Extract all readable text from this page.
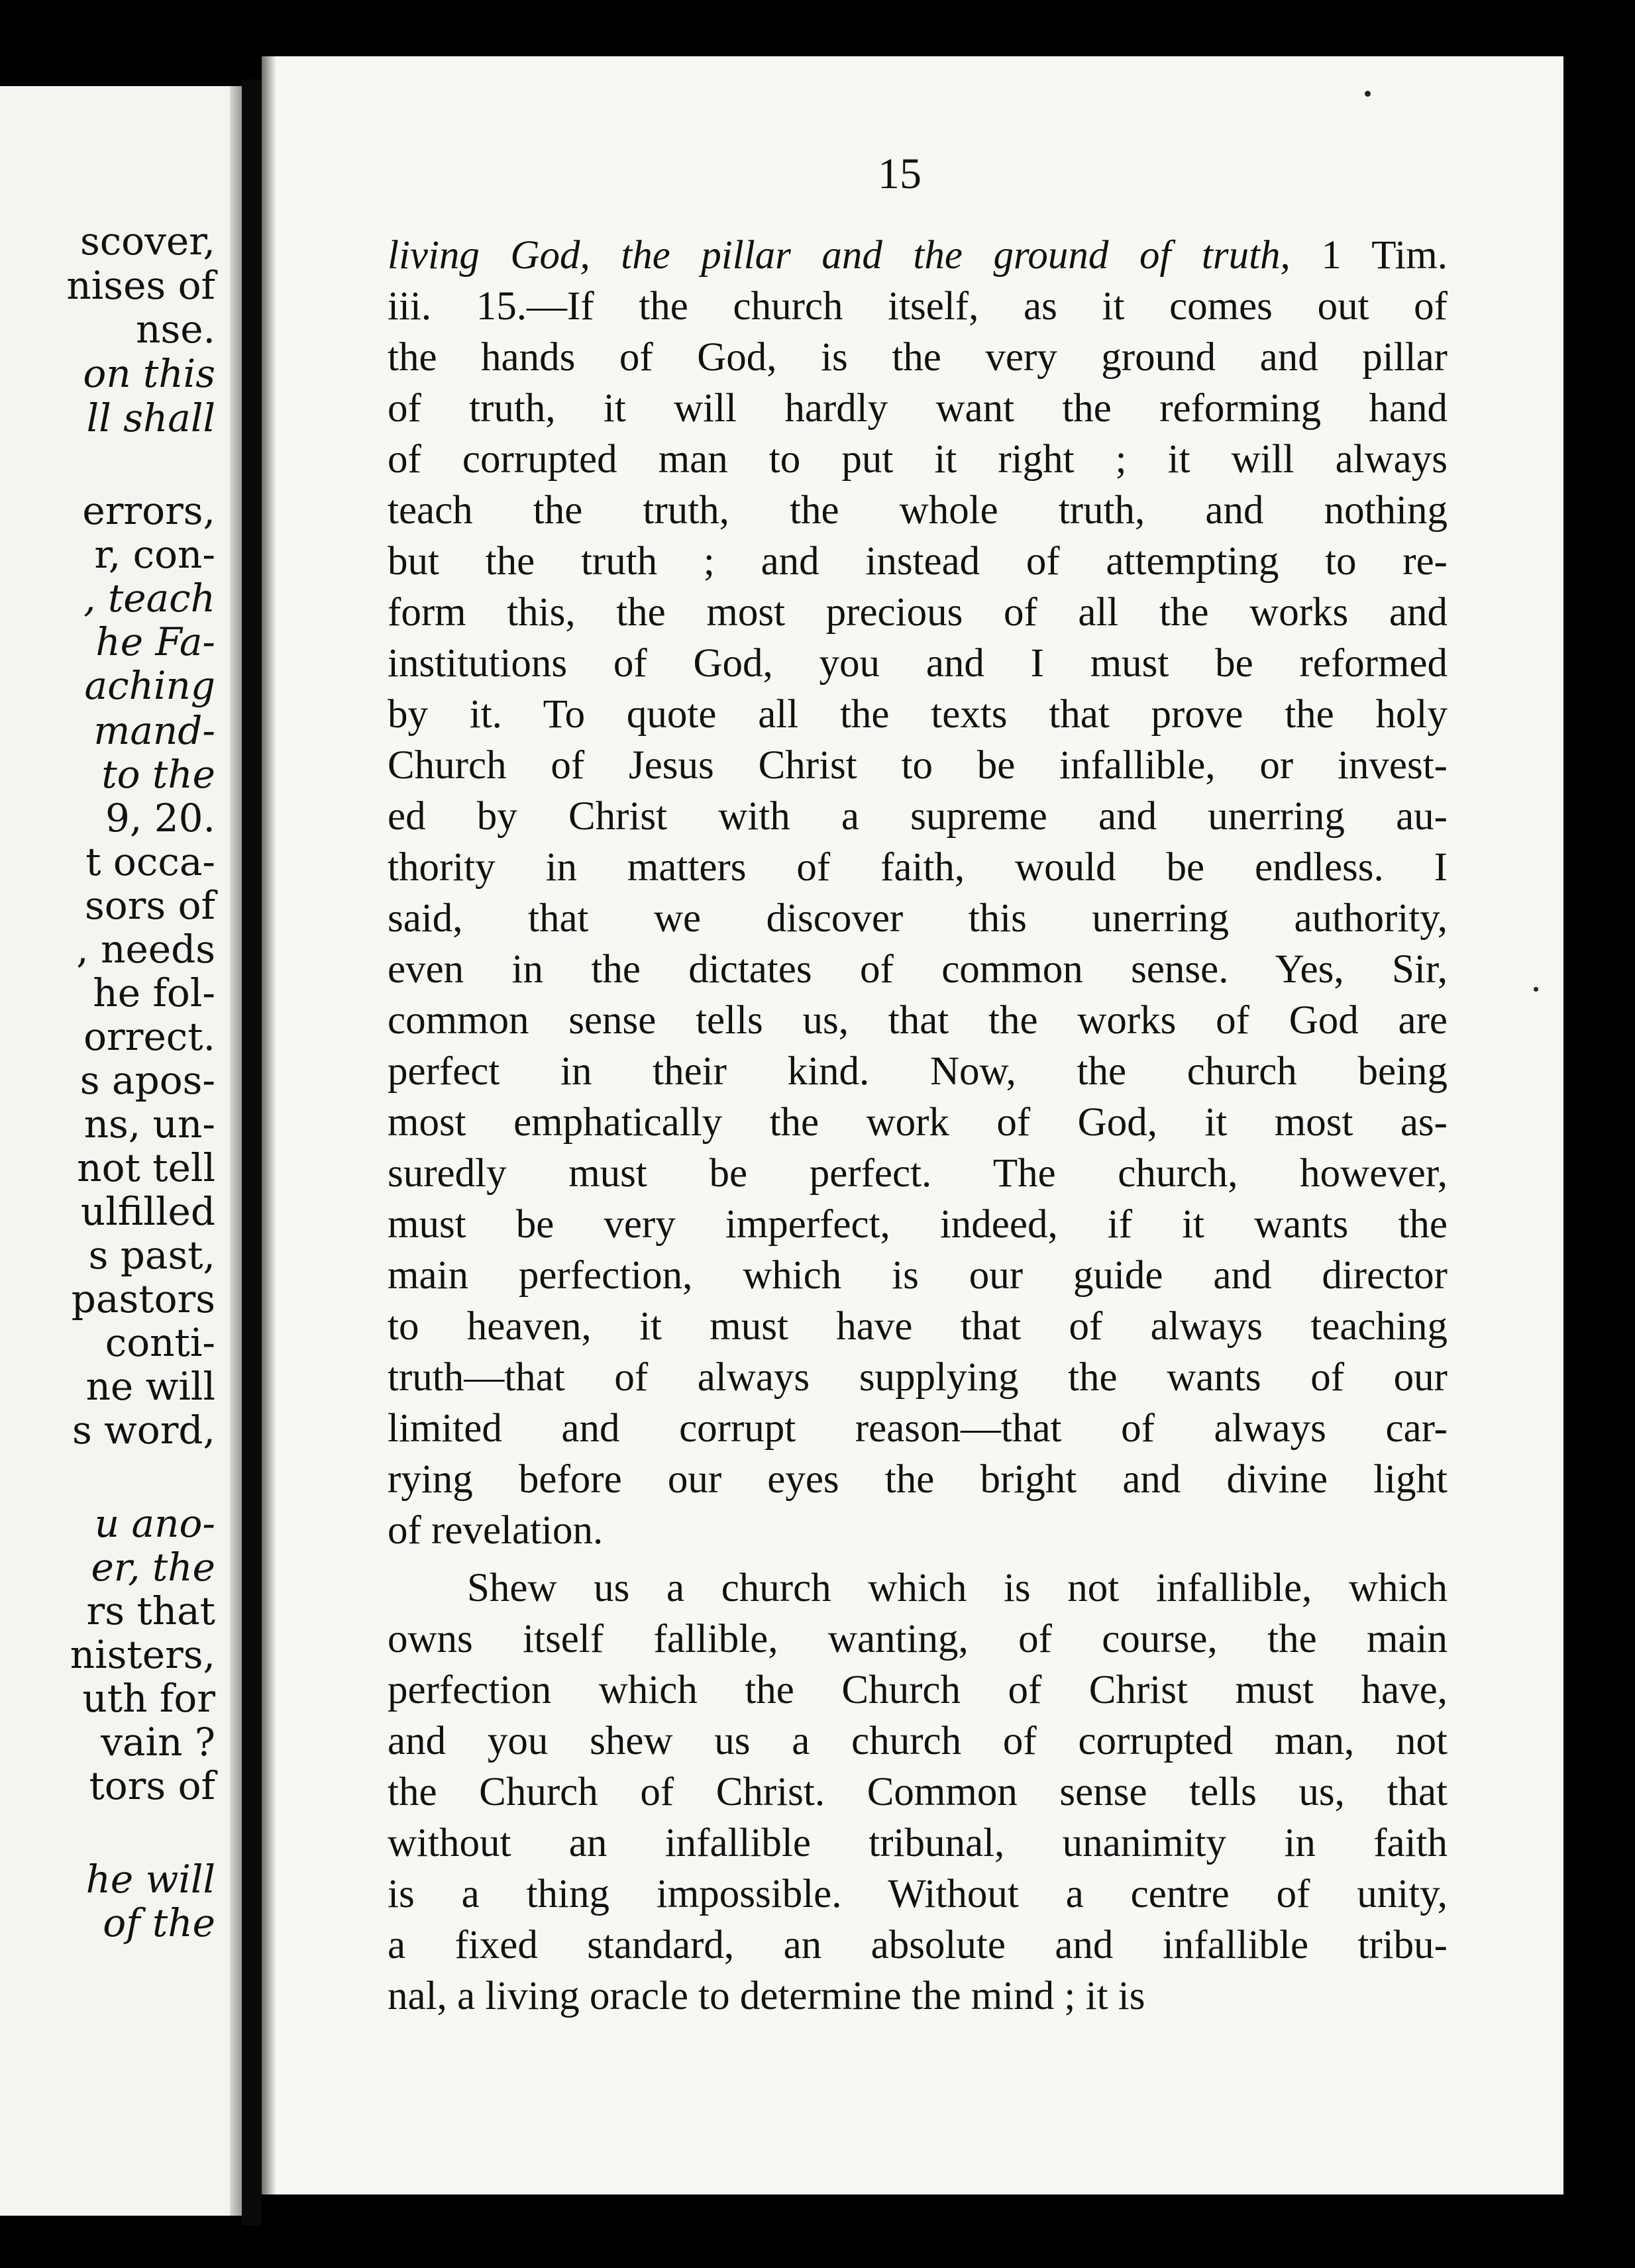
scover,
nises of
nse.
on this
ll shall
errors,
r, con-
, teach
he Fa-
aching
mand-
to the
9, 20.
t occa-
sors of
, needs
he fol-
orrect.
s apos-
ns, un-
not tell
ulfilled
s past,
pastors
conti-
ne will
s word,
u ano-
er, the
rs that
nisters,
uth for
vain ?
tors of
he will
of the
15
living God, the pillar and the ground of truth, 1 Tim.
iii. 15.—If the church itself, as it comes out of
the hands of God, is the very ground and pillar
of truth, it will hardly want the reforming hand
of corrupted man to put it right ; it will always
teach the truth, the whole truth, and nothing
but the truth ; and instead of attempting to re-
form this, the most precious of all the works and
institutions of God, you and I must be reformed
by it. To quote all the texts that prove the holy
Church of Jesus Christ to be infallible, or invest-
ed by Christ with a supreme and unerring au-
thority in matters of faith, would be endless. I
said, that we discover this unerring authority,
even in the dictates of common sense. Yes, Sir,
common sense tells us, that the works of God are
perfect in their kind. Now, the church being
most emphatically the work of God, it most as-
suredly must be perfect. The church, however,
must be very imperfect, indeed, if it wants the
main perfection, which is our guide and director
to heaven, it must have that of always teaching
truth—that of always supplying the wants of our
limited and corrupt reason—that of always car-
rying before our eyes the bright and divine light
of revelation.
Shew us a church which is not infallible, which
owns itself fallible, wanting, of course, the main
perfection which the Church of Christ must have,
and you shew us a church of corrupted man, not
the Church of Christ. Common sense tells us, that
without an infallible tribunal, unanimity in faith
is a thing impossible. Without a centre of unity,
a fixed standard, an absolute and infallible tribu-
nal, a living oracle to determine the mind ; it is
